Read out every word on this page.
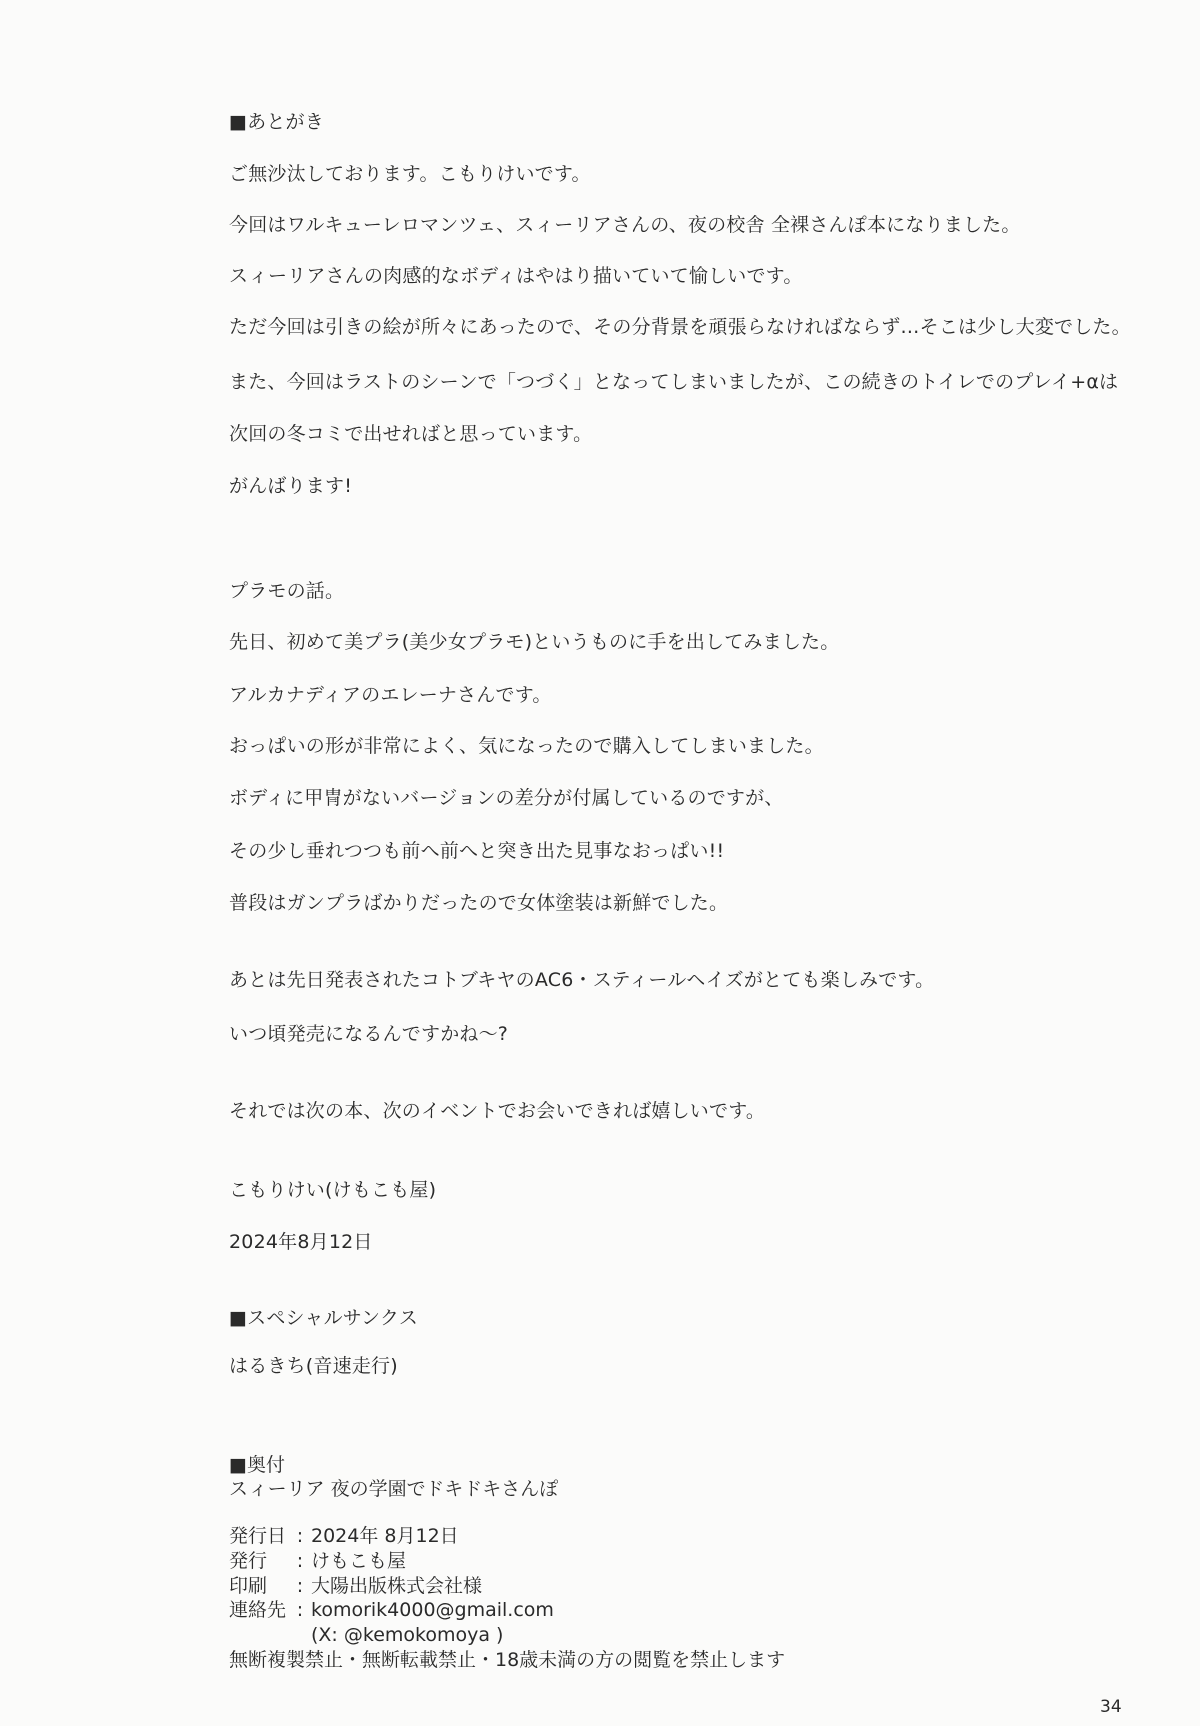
■あとがき
ご無沙汰しております。こもりけいです。
今回はワルキューレロマンツェ、スィーリアさんの、夜の校舎 全裸さんぽ本になりました。
スィーリアさんの肉感的なボディはやはり描いていて愉しいです。
ただ今回は引きの絵が所々にあったので、その分背景を頑張らなければならず…そこは少し大変でした。
また、今回はラストのシーンで「つづく」となってしまいましたが、この続きのトイレでのプレイ+αは
次回の冬コミで出せればと思っています。
がんばります!
プラモの話。
先日、初めて美プラ(美少女プラモ)というものに手を出してみました。
アルカナディアのエレーナさんです。
おっぱいの形が非常によく、気になったので購入してしまいました。
ボディに甲冑がないバージョンの差分が付属しているのですが、
その少し垂れつつも前へ前へと突き出た見事なおっぱい!!
普段はガンプラばかりだったので女体塗装は新鮮でした。
あとは先日発表されたコトブキヤのAC6・スティールヘイズがとても楽しみです。
いつ頃発売になるんですかね～?
それでは次の本、次のイベントでお会いできれば嬉しいです。
こもりけい(けもこも屋)
2024年8月12日
■スペシャルサンクス
はるきち(音速走行)
■奥付
スィーリア 夜の学園でドキドキさんぽ
発行日 : 2024年 8月12日
発行 : けもこも屋
印刷 : 大陽出版株式会社様
連絡先 : komorik4000@gmail.com
(X: @kemokomoya )
無断複製禁止・無断転載禁止・18歳未満の方の閲覧を禁止します
34
